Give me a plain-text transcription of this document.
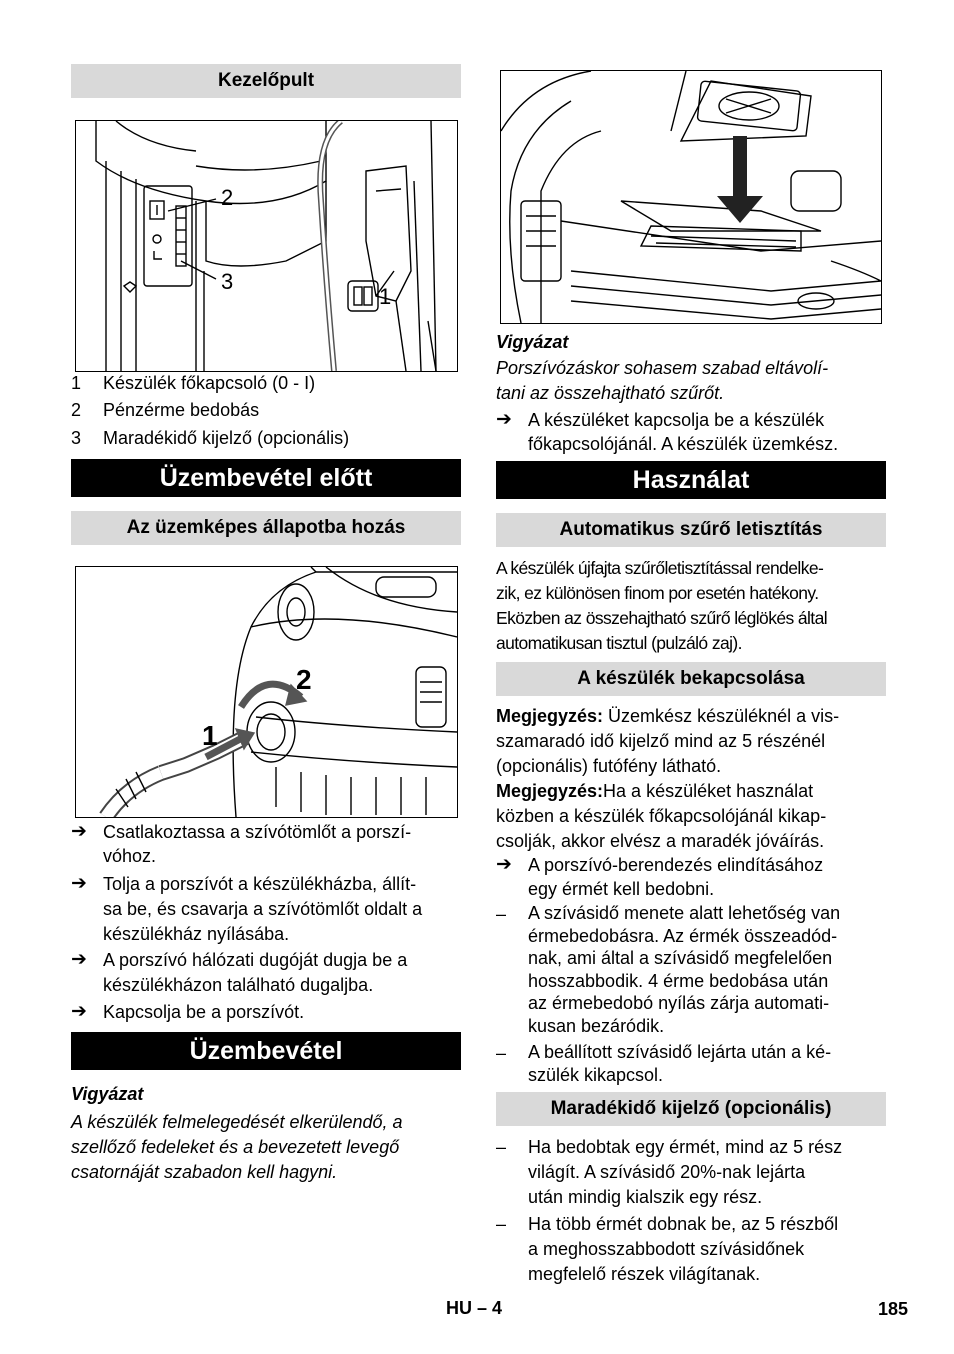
Kezelőpult
2
3
1
1	Készülék főkapcsoló (0 - I)
2	Pénzérme bedobás
3	Maradékidő kijelző (opcionális)
Üzembevétel előtt
Az üzemképes állapotba hozás
1
2
➔ Csatlakoztassa a szívótömlőt a porszí-
vóhoz.
➔ Tolja a porszívót a készülékházba, állít-
sa be, és csavarja a szívótömlőt oldalt a
készülékház nyílásába.
➔ A porszívó hálózati dugóját dugja be a
készülékházon található dugaljba.
➔ Kapcsolja be a porszívót.
Üzembevétel
Vigyázat
A készülék felmelegedését elkerülendő, a
szellőző fedeleket és a bevezetett levegő
csatornáját szabadon kell hagyni.
Vigyázat
Porszívózáskor sohasem szabad eltávolí-
tani az összehajtható szűrőt.
➔ A készüléket kapcsolja be a készülék
főkapcsolójánál. A készülék üzemkész.
Használat
Automatikus szűrő letisztítás
A készülék újfajta szűrőletisztítással rendelke-
zik, ez különösen finom por esetén hatékony.
Eközben az összehajtható szűrő léglökés által
automatikusan tisztul (pulzáló zaj).
A készülék bekapcsolása
Megjegyzés: Üzemkész készüléknél a vis-
szamaradó idő kijelző mind az 5 részénél
(opcionális) futófény látható.
Megjegyzés:Ha a készüléket használat
közben a készülék főkapcsolójánál kikap-
csolják, akkor elvész a maradék jóváírás.
➔ A porszívó-berendezés elindításához
egy érmét kell bedobni.
–	A szívásidő menete alatt lehetőség van
érmebedobásra. Az érmék összeadód-
nak, ami által a szívásidő megfelelően
hosszabbodik. 4 érme bedobása után
az érmebedobó nyílás zárja automati-
kusan bezáródik.
–	A beállított szívásidő lejárta után a ké-
szülék kikapcsol.
Maradékidő kijelző (opcionális)
–	Ha bedobtak egy érmét, mind az 5 rész
világít. A szívásidő 20%-nak lejárta
után mindig kialszik egy rész.
–	Ha több érmét dobnak be, az 5 részből
a meghosszabbodott szívásidőnek
megfelelő részek világítanak.
HU – 4	185
